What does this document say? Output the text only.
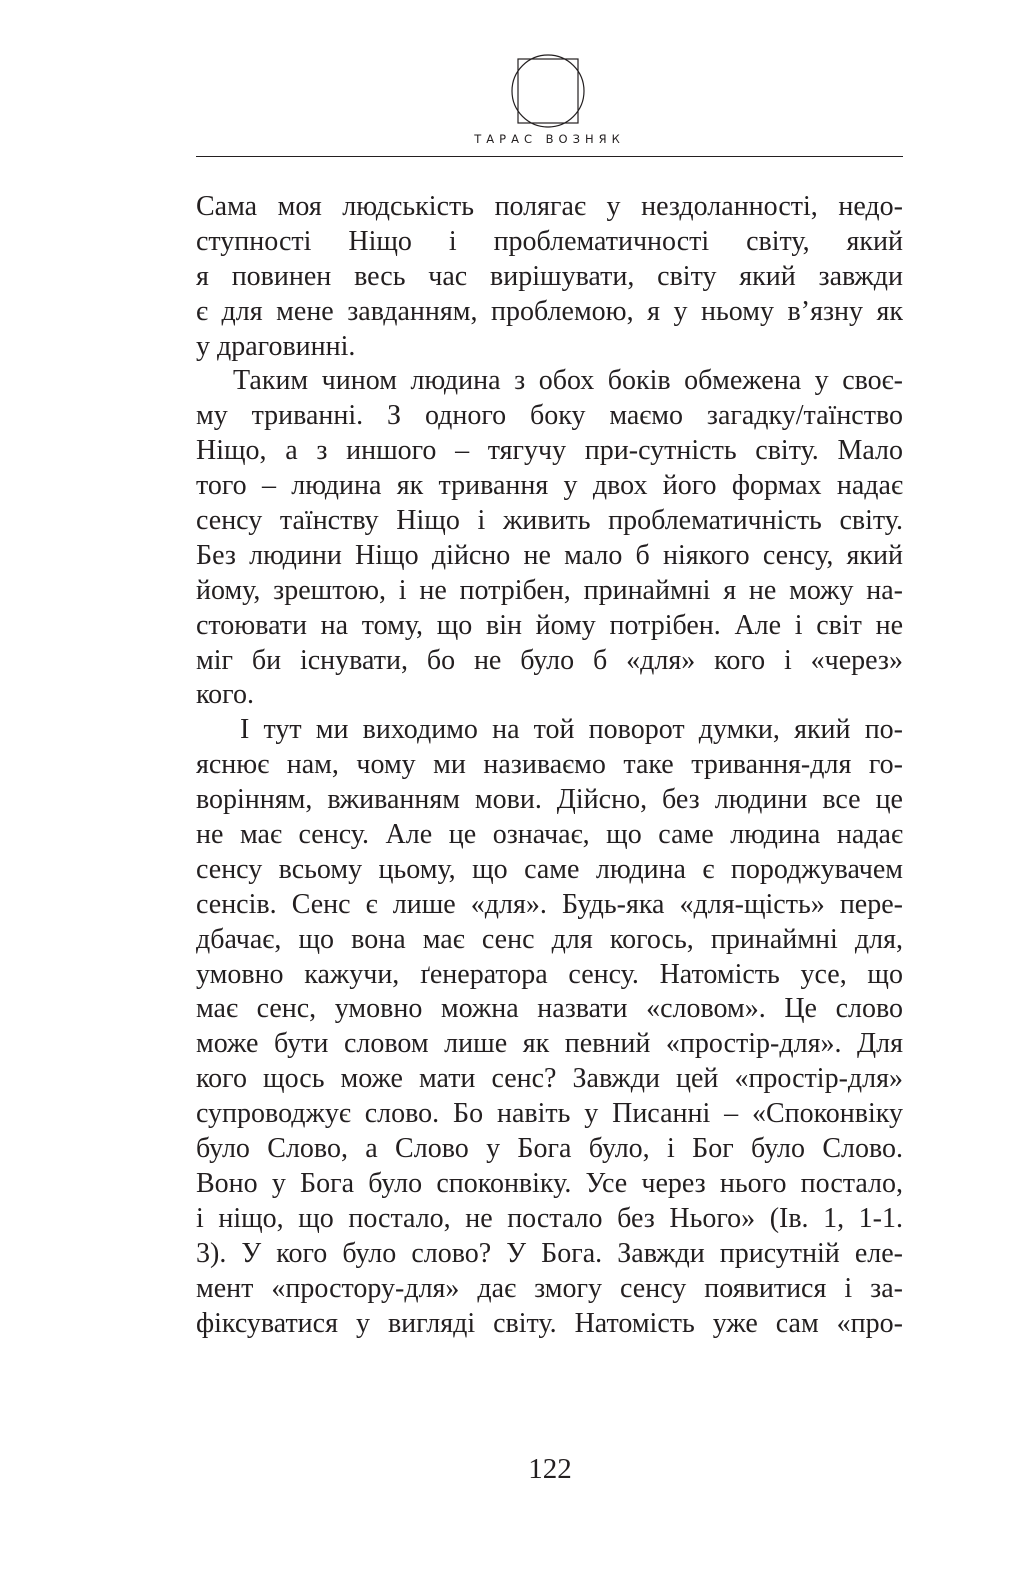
ТАРАС ВОЗНЯК
Сама моя людськість полягає у нездоланності, недо-
ступності Ніщо і проблематичності світу, який
я повинен весь час вирішувати, світу який завжди
є для мене завданням, проблемою, я у ньому в’язну як
у драговинні.
Таким чином людина з обох боків обмежена у своє-
му триванні. З одного боку маємо загадку/таїнство
Ніщо, а з иншого – тягучу при-сутність світу. Мало
того – людина як тривання у двох його формах надає
сенсу таїнству Ніщо і живить проблематичність світу.
Без людини Ніщо дійсно не мало б ніякого сенсу, який
йому, зрештою, і не потрібен, принаймні я не можу на-
стоювати на тому, що він йому потрібен. Але і світ не
міг би існувати, бо не було б «для» кого і «через»
кого.
І тут ми виходимо на той поворот думки, який по-
яснює нам, чому ми називаємо таке тривання-для го-
ворінням, вживанням мови. Дійсно, без людини все це
не має сенсу. Але це означає, що саме людина надає
сенсу всьому цьому, що саме людина є породжувачем
сенсів. Сенс є лише «для». Будь-яка «для-щість» пере-
дбачає, що вона має сенс для когось, принаймні для,
умовно кажучи, ґенератора сенсу. Натомість усе, що
має сенс, умовно можна назвати «словом». Це слово
може бути словом лише як певний «простір-для». Для
кого щось може мати сенс? Завжди цей «простір-для»
супроводжує слово. Бо навіть у Писанні – «Споконвіку
було Слово, а Слово у Бога було, і Бог було Слово.
Воно у Бога було споконвіку. Усе через нього постало,
і ніщо, що постало, не постало без Нього» (Ів. 1, 1-1.
3). У кого було слово? У Бога. Завжди присутній еле-
мент «простору-для» дає змогу сенсу появитися і за-
фіксуватися у вигляді світу. Натомість уже сам «про-
122
